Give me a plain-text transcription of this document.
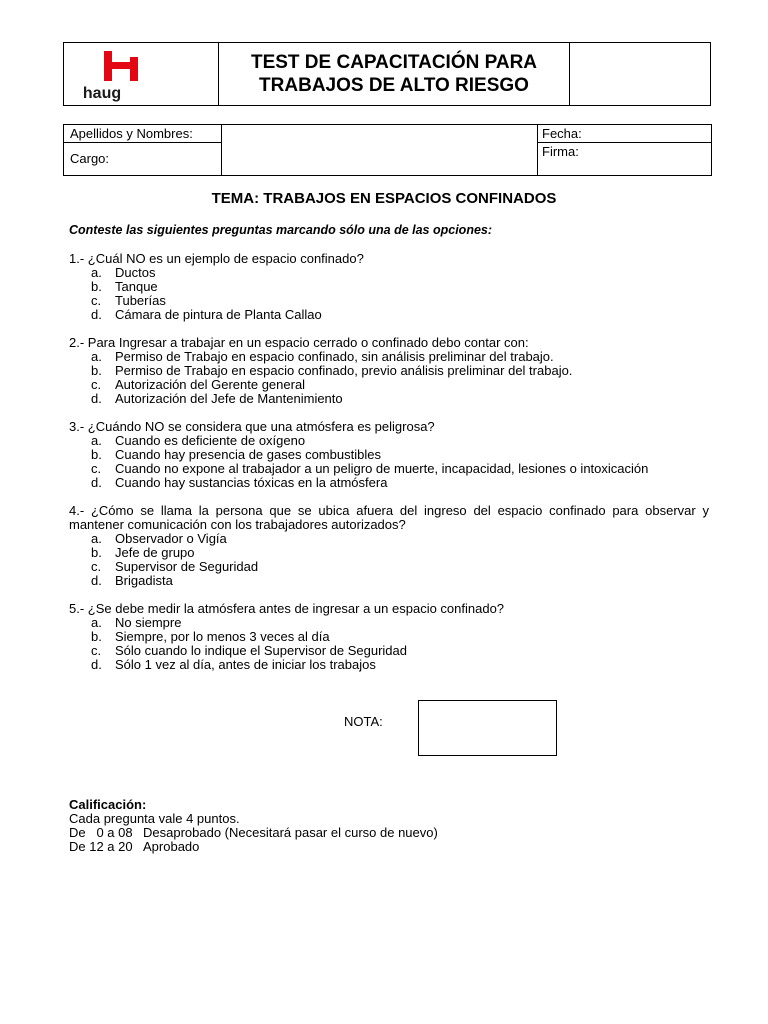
haug
TEST DE CAPACITACIÓN PARA
TRABAJOS DE ALTO RIESGO
Apellidos y Nombres:
Cargo:
Fecha:
Firma:
TEMA: TRABAJOS EN ESPACIOS CONFINADOS
Conteste las siguientes preguntas marcando sólo una de las opciones:
1.- ¿Cuál NO es un ejemplo de espacio confinado?
a. Ductos
b. Tanque
c. Tuberías
d. Cámara de pintura de Planta Callao
2.- Para Ingresar a trabajar en un espacio cerrado o confinado debo contar con:
a. Permiso de Trabajo en espacio confinado, sin análisis preliminar del trabajo.
b. Permiso de Trabajo en espacio confinado, previo análisis preliminar del trabajo.
c. Autorización del Gerente general
d. Autorización del Jefe de Mantenimiento
3.- ¿Cuándo NO se considera que una atmósfera es peligrosa?
a. Cuando es deficiente de oxígeno
b. Cuando hay presencia de gases combustibles
c. Cuando no expone al trabajador a un peligro de muerte, incapacidad, lesiones o intoxicación
d. Cuando hay sustancias tóxicas en la atmósfera
4.- ¿Cómo se llama la persona que se ubica afuera del ingreso del espacio confinado para observar y mantener comunicación con los trabajadores autorizados?
a. Observador o Vigía
b. Jefe de grupo
c. Supervisor de Seguridad
d. Brigadista
5.- ¿Se debe medir la atmósfera antes de ingresar a un espacio confinado?
a. No siempre
b. Siempre, por lo menos 3 veces al día
c. Sólo cuando lo indique el Supervisor de Seguridad
d. Sólo 1 vez al día, antes de iniciar los trabajos
NOTA:
Calificación:
Cada pregunta vale 4 puntos.
De   0 a 08 Desaprobado (Necesitará pasar el curso de nuevo)
De 12 a 20 Aprobado
